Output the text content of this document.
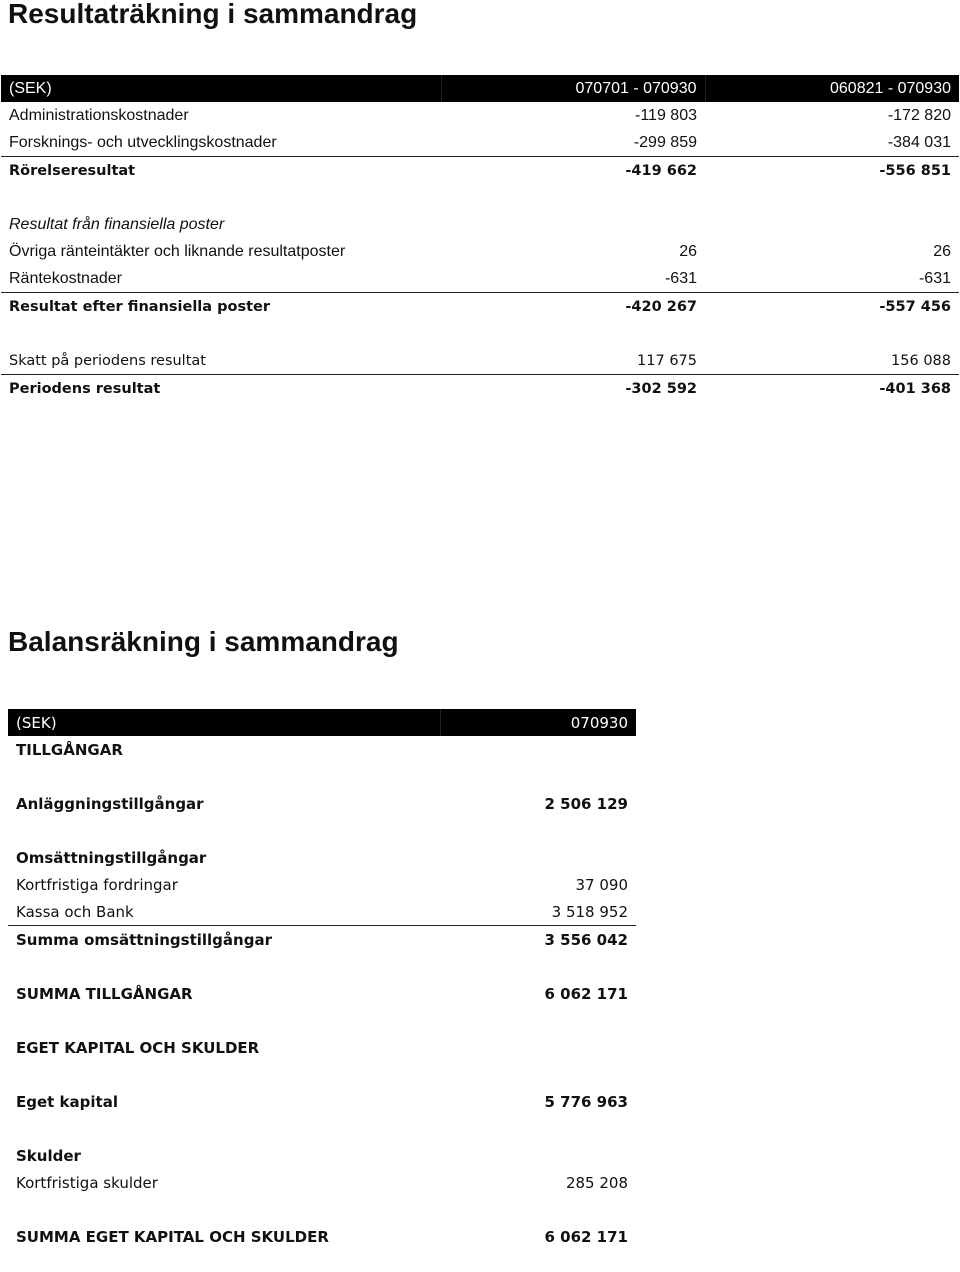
Resultaträkning i sammandrag
(SEK)	070701 - 070930	060821 - 070930
Administrationskostnader	-119 803	-172 820
Forsknings- och utvecklingskostnader	-299 859	-384 031
Rörelseresultat	-419 662	-556 851

Resultat från finansiella poster		
Övriga ränteintäkter och liknande resultatposter	26	26
Räntekostnader	-631	-631
Resultat efter finansiella poster	-420 267	-557 456

Skatt på periodens resultat	117 675	156 088
Periodens resultat	-302 592	-401 368
Balansräkning i sammandrag
(SEK)	070930
TILLGÅNGAR	

Anläggningstillgångar	2 506 129

Omsättningstillgångar	
Kortfristiga fordringar	37 090
Kassa och Bank	3 518 952
Summa omsättningstillgångar	3 556 042

SUMMA TILLGÅNGAR	6 062 171

EGET KAPITAL OCH SKULDER	

Eget kapital	5 776 963

Skulder	
Kortfristiga skulder	285 208

SUMMA EGET KAPITAL OCH SKULDER	6 062 171
